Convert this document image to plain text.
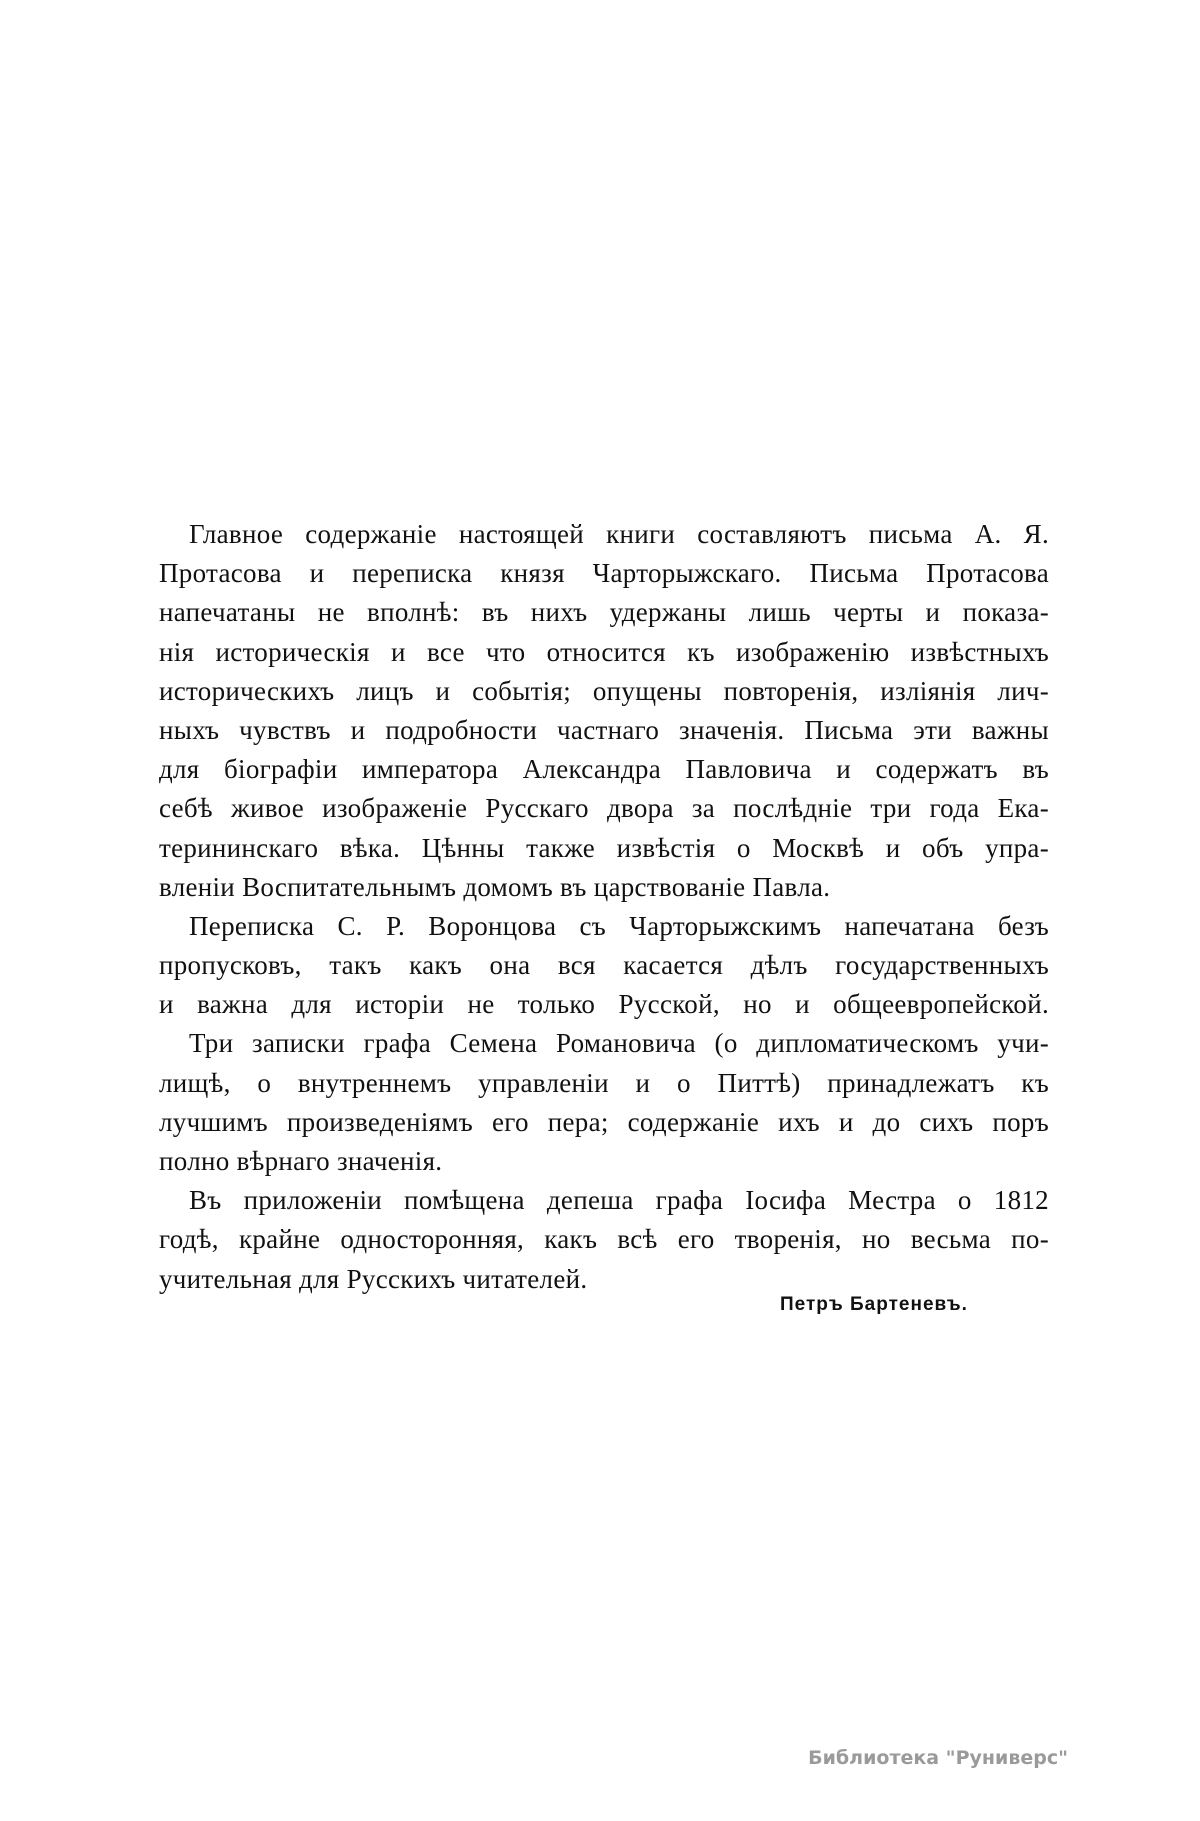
Главное содержаніе настоящей книги составляютъ письма А. Я.
Протасова и переписка князя Чарторыжскаго. Письма Протасова
напечатаны не вполнѣ: въ нихъ удержаны лишь черты и показа-
нія историческія и все что относится къ изображенію извѣстныхъ
историческихъ лицъ и событія; опущены повторенія, изліянія лич-
ныхъ чувствъ и подробности частнаго значенія. Письма эти важны
для біографіи императора Александра Павловича и содержатъ въ
себѣ живое изображеніе Русскаго двора за послѣдніе три года Ека-
терининскаго вѣка. Цѣнны также извѣстія о Москвѣ и объ упра-
вленіи Воспитательнымъ домомъ въ царствованіе Павла.
Переписка С. Р. Воронцова съ Чарторыжскимъ напечатана безъ
пропусковъ, такъ какъ она вся касается дѣлъ государственныхъ
и важна для исторіи не только Русской, но и общеевропейской.
Три записки графа Семена Романовича (о дипломатическомъ учи-
лищѣ, о внутреннемъ управленіи и о Питтѣ) принадлежатъ къ
лучшимъ произведеніямъ его пера; содержаніе ихъ и до сихъ поръ
полно вѣрнаго значенія.
Въ приложеніи помѣщена депеша графа Іосифа Местра о 1812
годѣ, крайне односторонняя, какъ всѣ его творенія, но весьма по-
учительная для Русскихъ читателей.
Петръ Бартеневъ.
Библиотека "Руниверс"
